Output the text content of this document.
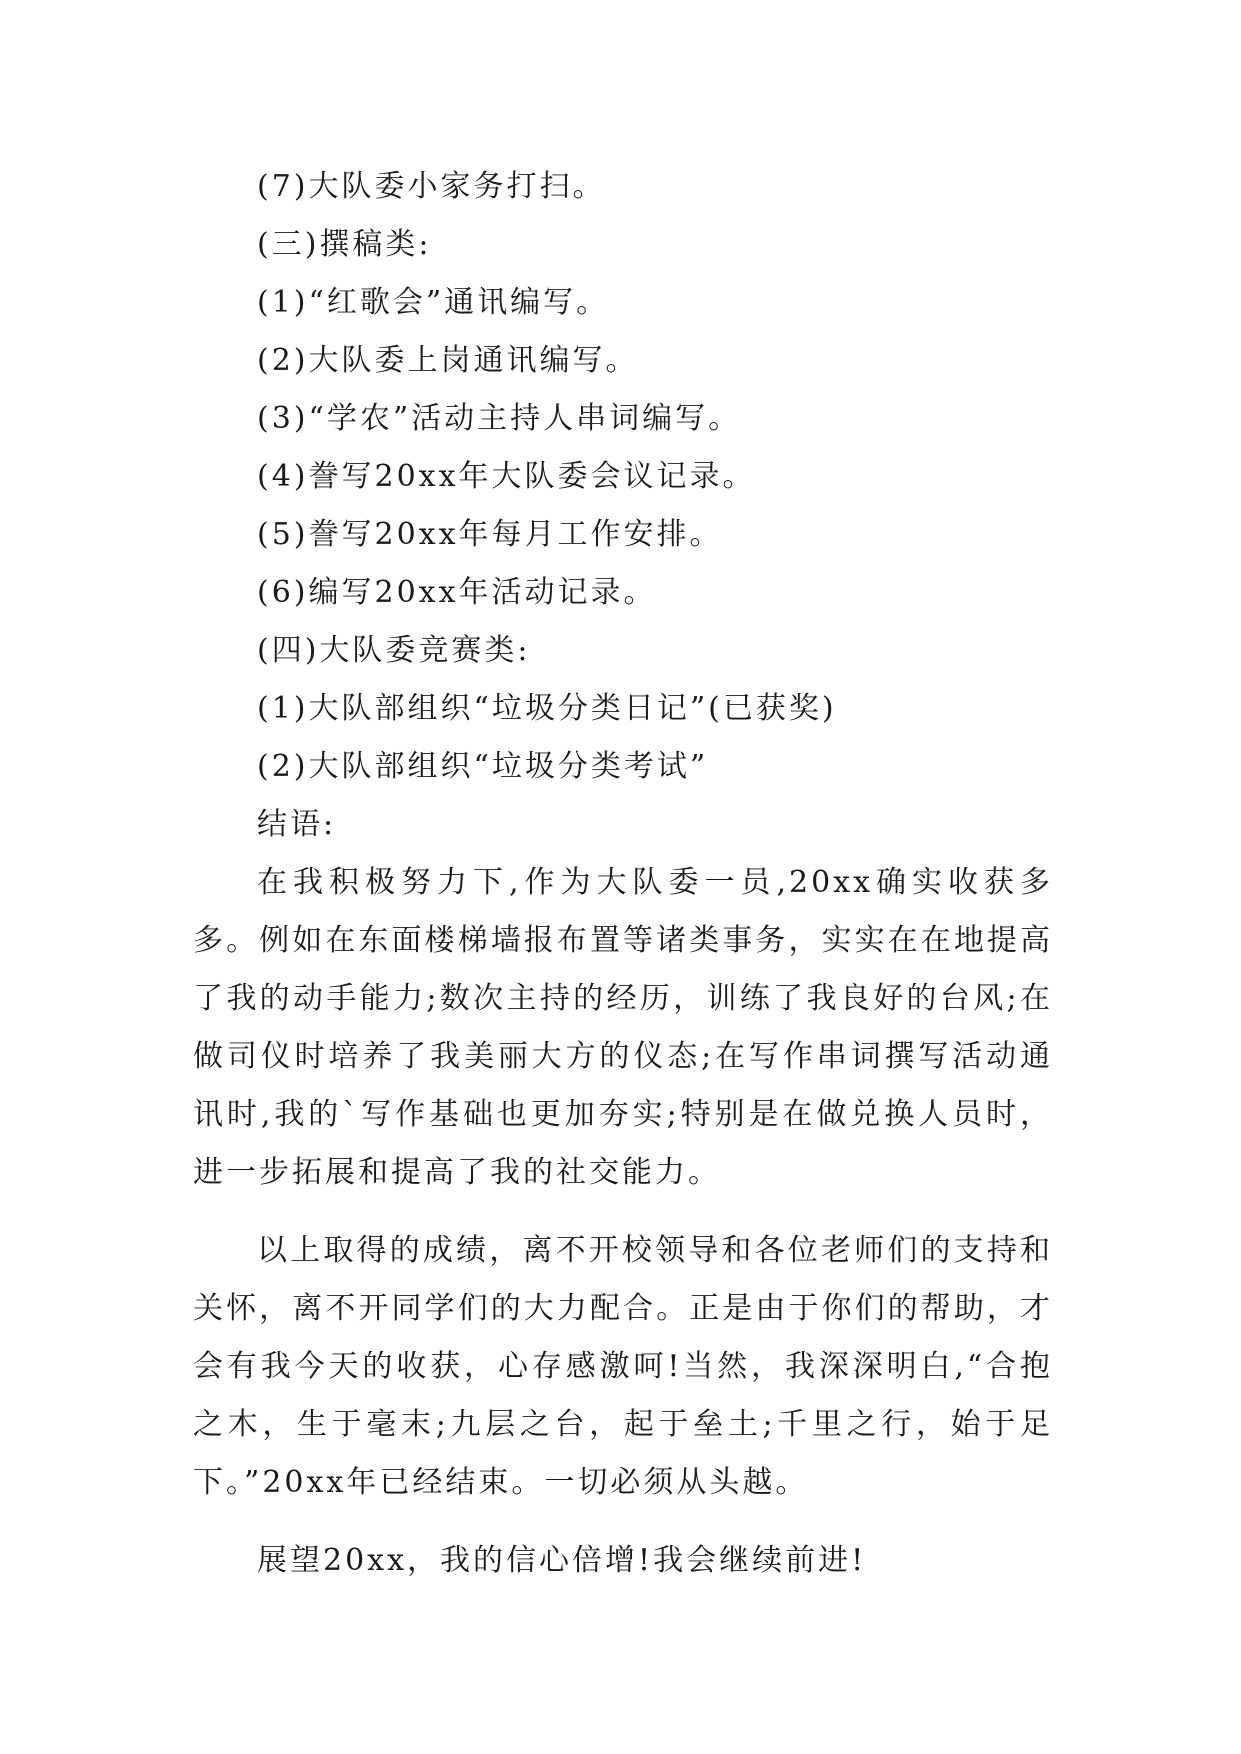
(7)大队委小家务打扫。
(三)撰稿类:
(1)“红歌会”通讯编写。
(2)大队委上岗通讯编写。
(3)“学农”活动主持人串词编写。
(4)誊写20xx年大队委会议记录。
(5)誊写20xx年每月工作安排。
(6)编写20xx年活动记录。
(四)大队委竞赛类:
(1)大队部组织“垃圾分类日记”(已获奖)
(2)大队部组织“垃圾分类考试”
结语:

在我积极努力下,作为大队委一员,20xx确实收获多多。例如在东面楼梯墙报布置等诸类事务，实实在在地提高了我的动手能力;数次主持的经历，训练了我良好的台风;在做司仪时培养了我美丽大方的仪态;在写作串词撰写活动通讯时,我的`写作基础也更加夯实;特别是在做兑换人员时，进一步拓展和提高了我的社交能力。

以上取得的成绩，离不开校领导和各位老师们的支持和关怀，离不开同学们的大力配合。正是由于你们的帮助，才会有我今天的收获，心存感激呵!当然，我深深明白,“合抱之木，生于毫末;九层之台，起于垒土;千里之行，始于足下。”20xx年已经结束。一切必须从头越。

展望20xx，我的信心倍增!我会继续前进!
